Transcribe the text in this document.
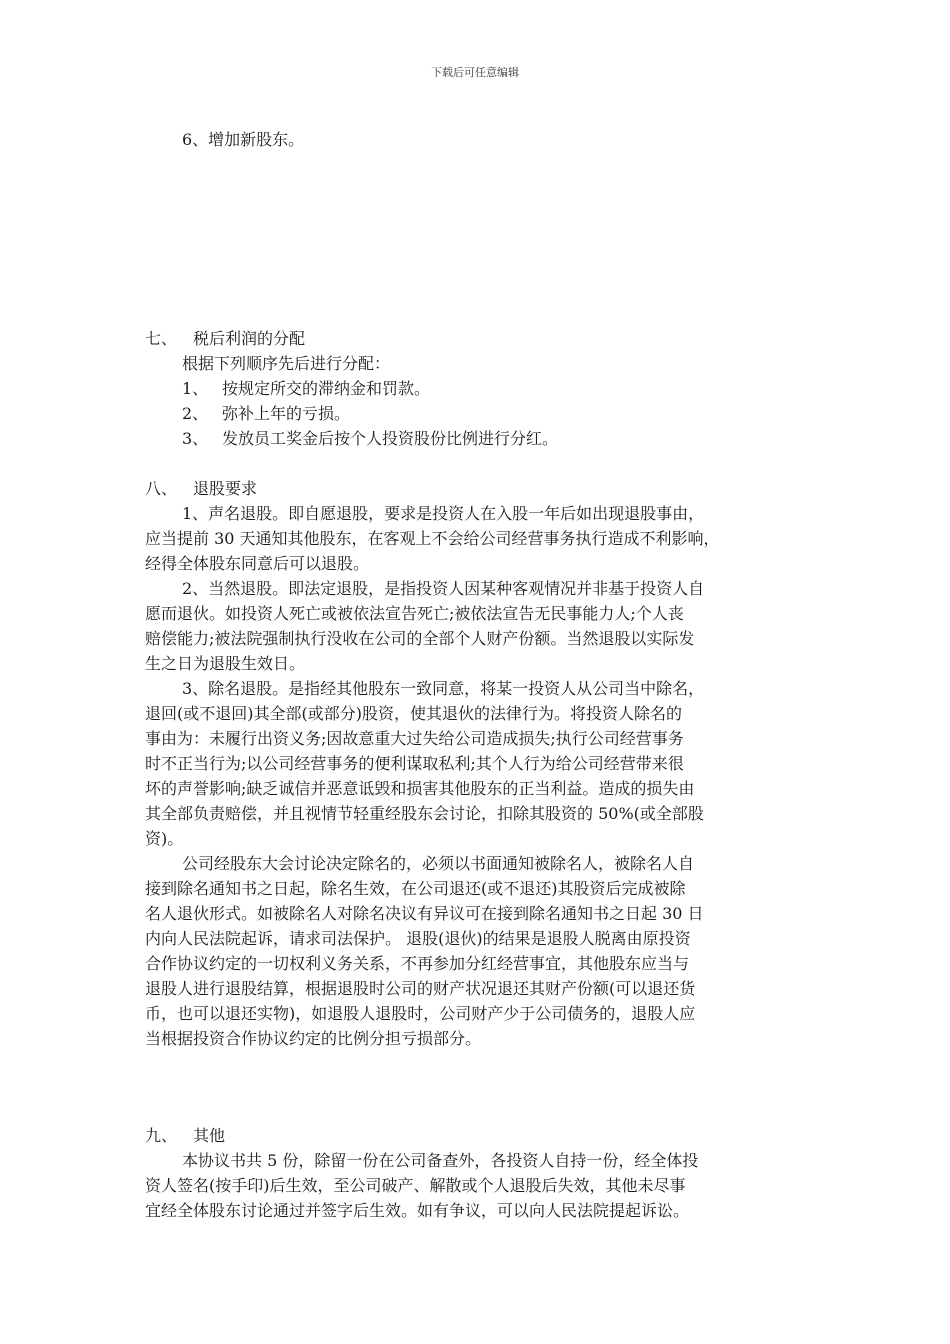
下载后可任意编辑
6、增加新股东。
七、 税后利润的分配
根据下列顺序先后进行分配：
1、 按规定所交的滞纳金和罚款。
2、 弥补上年的亏损。
3、 发放员工奖金后按个人投资股份比例进行分红。
八、 退股要求
1、声名退股。即自愿退股，要求是投资人在入股一年后如出现退股事由，
应当提前 30 天通知其他股东，在客观上不会给公司经营事务执行造成不利影响，
经得全体股东同意后可以退股。
2、当然退股。即法定退股，是指投资人因某种客观情况并非基于投资人自
愿而退伙。如投资人死亡或被依法宣告死亡;被依法宣告无民事能力人;个人丧
赔偿能力;被法院强制执行没收在公司的全部个人财产份额。当然退股以实际发
生之日为退股生效日。
3、除名退股。是指经其他股东一致同意，将某一投资人从公司当中除名，
退回(或不退回)其全部(或部分)股资，使其退伙的法律行为。将投资人除名的
事由为：未履行出资义务;因故意重大过失给公司造成损失;执行公司经营事务
时不正当行为;以公司经营事务的便利谋取私利;其个人行为给公司经营带来很
坏的声誉影响;缺乏诚信并恶意诋毁和损害其他股东的正当利益。造成的损失由
其全部负责赔偿，并且视情节轻重经股东会讨论，扣除其股资的 50%(或全部股
资)。
公司经股东大会讨论决定除名的，必须以书面通知被除名人，被除名人自
接到除名通知书之日起，除名生效，在公司退还(或不退还)其股资后完成被除
名人退伙形式。如被除名人对除名决议有异议可在接到除名通知书之日起 30 日
内向人民法院起诉，请求司法保护。 退股(退伙)的结果是退股人脱离由原投资
合作协议约定的一切权利义务关系，不再参加分红经营事宜，其他股东应当与
退股人进行退股结算，根据退股时公司的财产状况退还其财产份额(可以退还货
币，也可以退还实物)，如退股人退股时，公司财产少于公司债务的，退股人应
当根据投资合作协议约定的比例分担亏损部分。
九、 其他
本协议书共 5 份，除留一份在公司备查外，各投资人自持一份，经全体投
资人签名(按手印)后生效，至公司破产、解散或个人退股后失效，其他未尽事
宜经全体股东讨论通过并签字后生效。如有争议，可以向人民法院提起诉讼。
